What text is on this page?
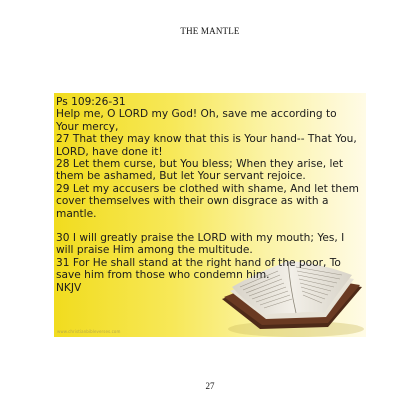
THE MANTLE
Ps 109:26-31
Help me, O LORD my God! Oh, save me according to
Your mercy,
27 That they may know that this is Your hand-- That You,
LORD, have done it!
28 Let them curse, but You bless; When they arise, let
them be ashamed, But let Your servant rejoice.
29 Let my accusers be clothed with shame, And let them
cover themselves with their own disgrace as with a
mantle.
30 I will greatly praise the LORD with my mouth; Yes, I
will praise Him among the multitude.
31 For He shall stand at the right hand of the poor, To
save him from those who condemn him.
NKJV
www.christianbibleverses.com
27
